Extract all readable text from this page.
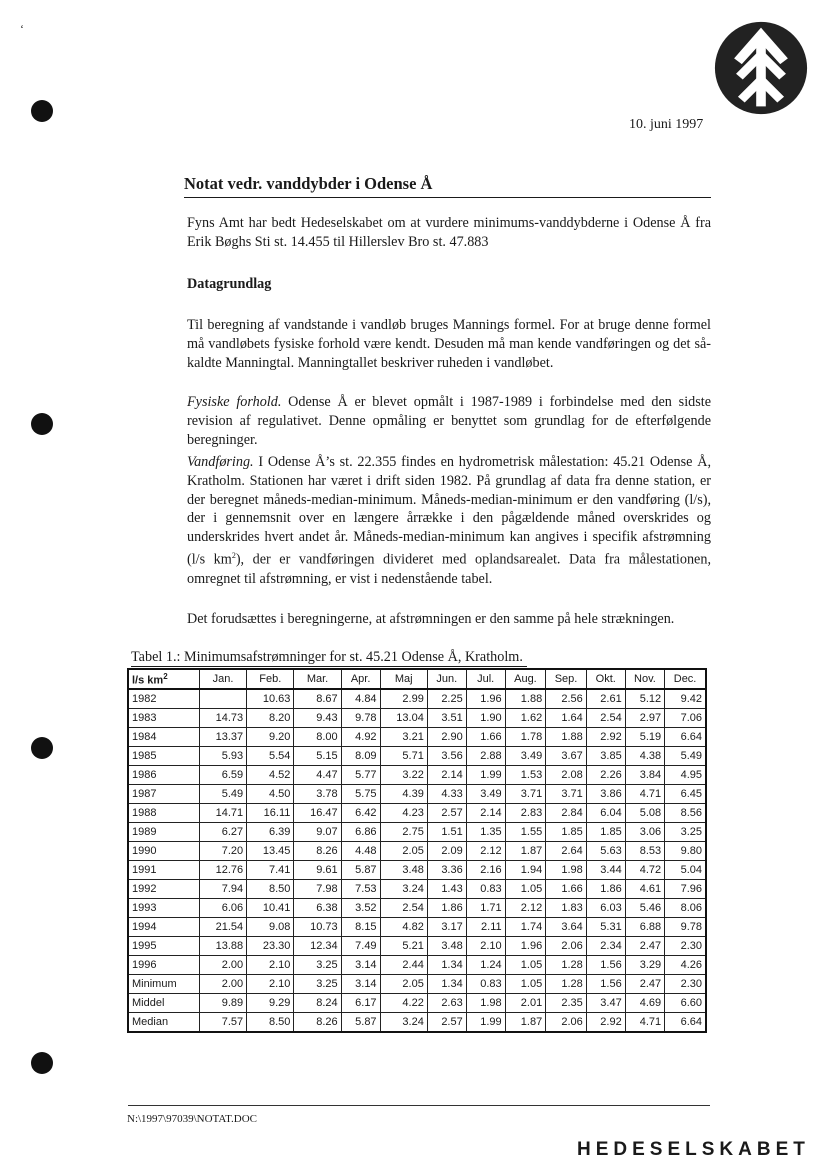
‘
10. juni 1997
Notat vedr. vanddybder i Odense Å
Fyns Amt har bedt Hedeselskabet om at vurdere minimums-vanddybderne i Odense Å fra Erik Bøghs Sti st. 14.455 til Hillerslev Bro st. 47.883
Datagrundlag
Til beregning af vandstande i vandløb bruges Mannings formel. For at bruge denne formel må vandløbets fysiske forhold være kendt. Desuden må man kende vandføringen og det så-kaldte Manningtal. Manningtallet beskriver ruheden i vandløbet.
Fysiske forhold. Odense Å er blevet opmålt i 1987-1989 i forbindelse med den sidste revision af regulativet. Denne opmåling er benyttet som grundlag for de efterfølgende beregninger.
Vandføring. I Odense Å’s st. 22.355 findes en hydrometrisk målestation: 45.21 Odense Å, Kratholm. Stationen har været i drift siden 1982. På grundlag af data fra denne station, er der beregnet måneds-median-minimum. Måneds-median-minimum er den vandføring (l/s), der i gennemsnit over en længere årrække i den pågældende måned overskrides og underskrides hvert andet år. Måneds-median-minimum kan angives i specifik afstrømning (l/s $km^2$), der er vandføringen divideret med oplandsarealet. Data fra målestationen, omregnet til afstrømning, er vist i nedenstående tabel.
Det forudsættes i beregningerne, at afstrømningen er den samme på hele strækningen.
Tabel 1.: Minimumsafstrømninger for st. 45.21 Odense Å, Kratholm.
l/s $km^2$	Jan.	Feb.	Mar.	Apr.	Maj	Jun.	Jul.	Aug.	Sep.	Okt.	Nov.	Dec.
1982		10.63	8.67	4.84	2.99	2.25	1.96	1.88	2.56	2.61	5.12	9.42
1983	14.73	8.20	9.43	9.78	13.04	3.51	1.90	1.62	1.64	2.54	2.97	7.06
1984	13.37	9.20	8.00	4.92	3.21	2.90	1.66	1.78	1.88	2.92	5.19	6.64
1985	5.93	5.54	5.15	8.09	5.71	3.56	2.88	3.49	3.67	3.85	4.38	5.49
1986	6.59	4.52	4.47	5.77	3.22	2.14	1.99	1.53	2.08	2.26	3.84	4.95
1987	5.49	4.50	3.78	5.75	4.39	4.33	3.49	3.71	3.71	3.86	4.71	6.45
1988	14.71	16.11	16.47	6.42	4.23	2.57	2.14	2.83	2.84	6.04	5.08	8.56
1989	6.27	6.39	9.07	6.86	2.75	1.51	1.35	1.55	1.85	1.85	3.06	3.25
1990	7.20	13.45	8.26	4.48	2.05	2.09	2.12	1.87	2.64	5.63	8.53	9.80
1991	12.76	7.41	9.61	5.87	3.48	3.36	2.16	1.94	1.98	3.44	4.72	5.04
1992	7.94	8.50	7.98	7.53	3.24	1.43	0.83	1.05	1.66	1.86	4.61	7.96
1993	6.06	10.41	6.38	3.52	2.54	1.86	1.71	2.12	1.83	6.03	5.46	8.06
1994	21.54	9.08	10.73	8.15	4.82	3.17	2.11	1.74	3.64	5.31	6.88	9.78
1995	13.88	23.30	12.34	7.49	5.21	3.48	2.10	1.96	2.06	2.34	2.47	2.30
1996	2.00	2.10	3.25	3.14	2.44	1.34	1.24	1.05	1.28	1.56	3.29	4.26
Minimum	2.00	2.10	3.25	3.14	2.05	1.34	0.83	1.05	1.28	1.56	2.47	2.30
Middel	9.89	9.29	8.24	6.17	4.22	2.63	1.98	2.01	2.35	3.47	4.69	6.60
Median	7.57	8.50	8.26	5.87	3.24	2.57	1.99	1.87	2.06	2.92	4.71	6.64
N:\1997\97039\NOTAT.DOC
HEDESELSKABET
